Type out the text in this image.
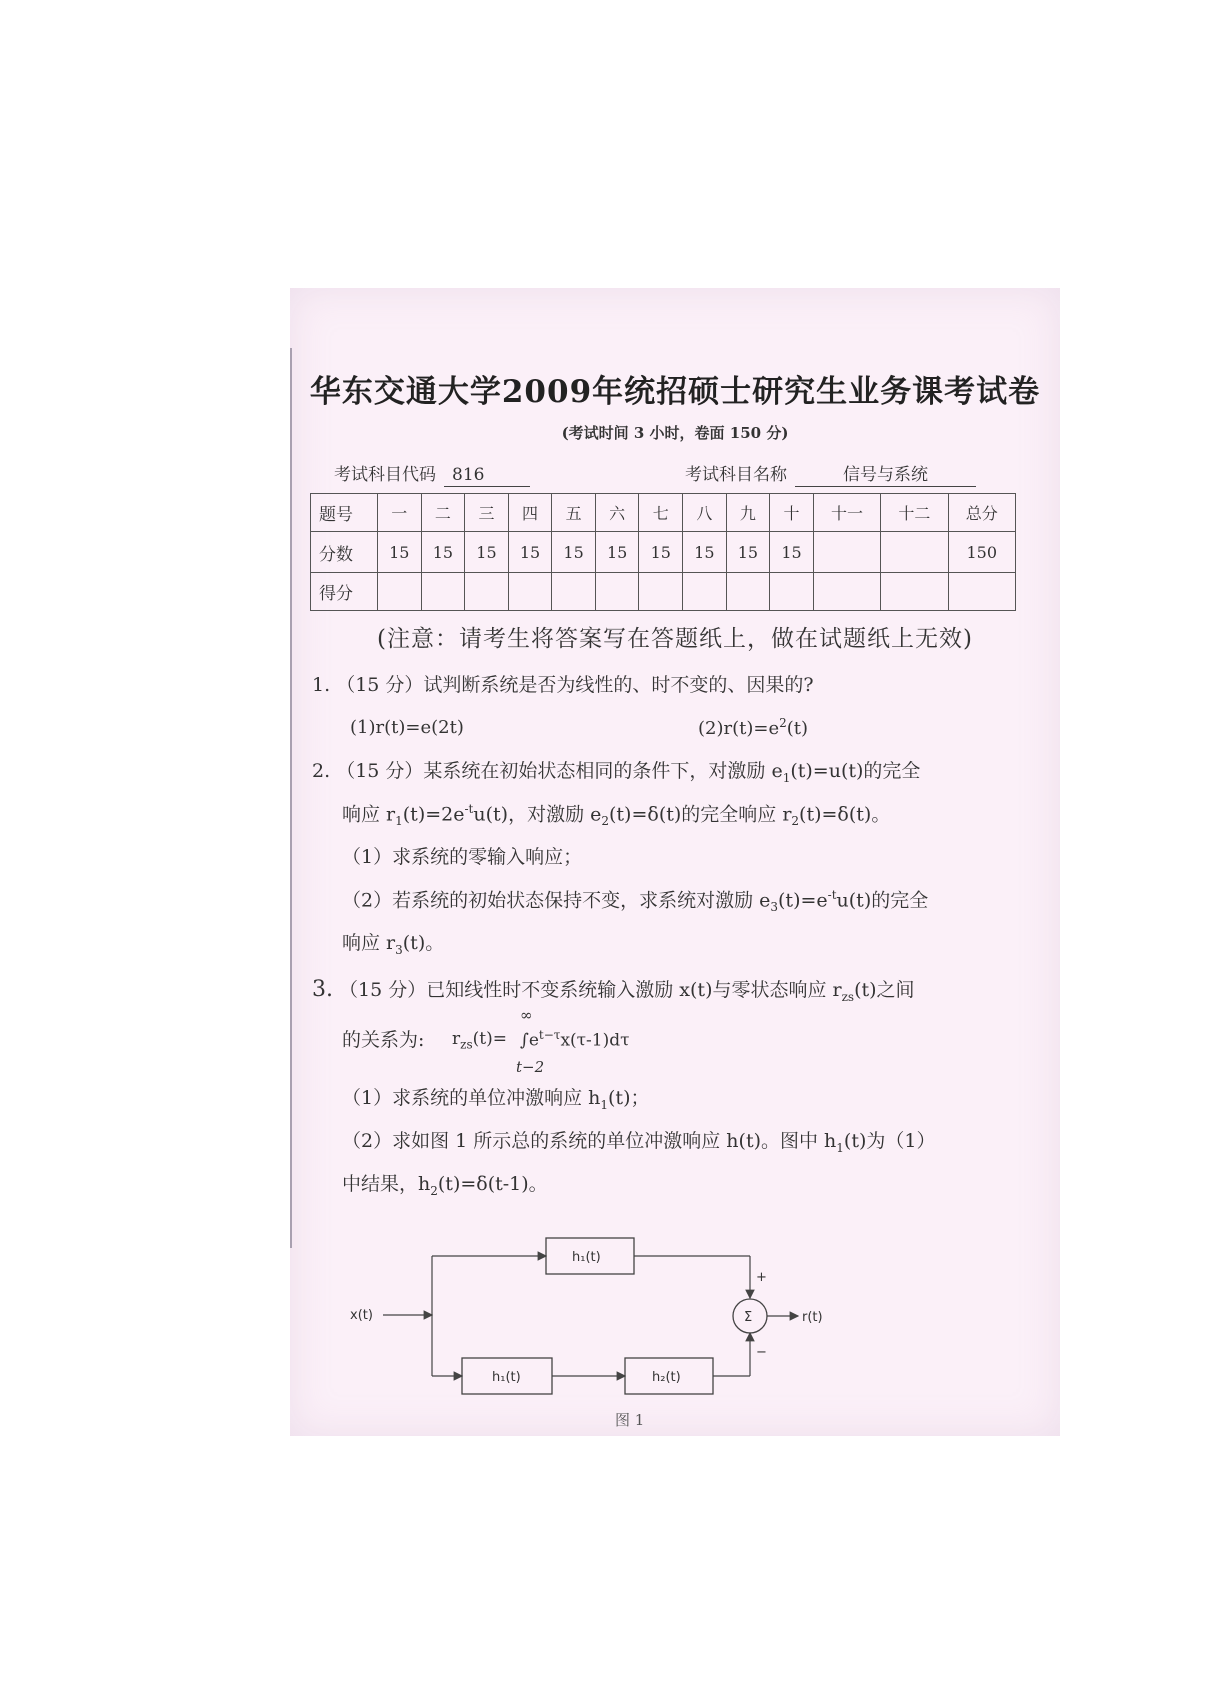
华东交通大学2009年统招硕士研究生业务课考试卷
(考试时间 3 小时，卷面 150 分)
考试科目代码 816	考试科目名称	信号与系统
题号	一	二	三	四	五	六	七	八	九	十	十一	十二	总分
分数	15	15	15	15	15	15	15	15	15	15			150
得分													
(注意：请考生将答案写在答题纸上，做在试题纸上无效)
1. （15 分）试判断系统是否为线性的、时不变的、因果的?
(1)r(t)=e(2t)	$(2)r(t)=e^2(t)$
2. （15 分）某系统在初始状态相同的条件下，对激励 $e_1(t)=u(t)$的完全
响应 $r_1(t)=2e^{-t}u(t)$，对激励 $e_2(t)=\delta(t)$的完全响应 $r_2(t)=\delta(t)$。
（1）求系统的零输入响应；
（2）若系统的初始状态保持不变，求系统对激励 $e_3(t)=e^{-t}u(t)$的完全
响应 $r_3(t)$。
3. （15 分）已知线性时不变系统输入激励 x(t)与零状态响应 $r_{zs}(t)$之间
的关系为: $r_{zs}(t)=$
∞
$\int e^{t-\tau}x(\tau-1)d\tau$
t−2
（1）求系统的单位冲激响应 $h_1(t)$；
（2）求如图 1 所示总的系统的单位冲激响应 h(t)。图中 $h_1(t)$为（1）
中结果，$h_2(t)=\delta(t-1)$。
x(t)
h₁(t)
+
h₁(t)	h₂(t)
−
Σ	r(t)
图 1
